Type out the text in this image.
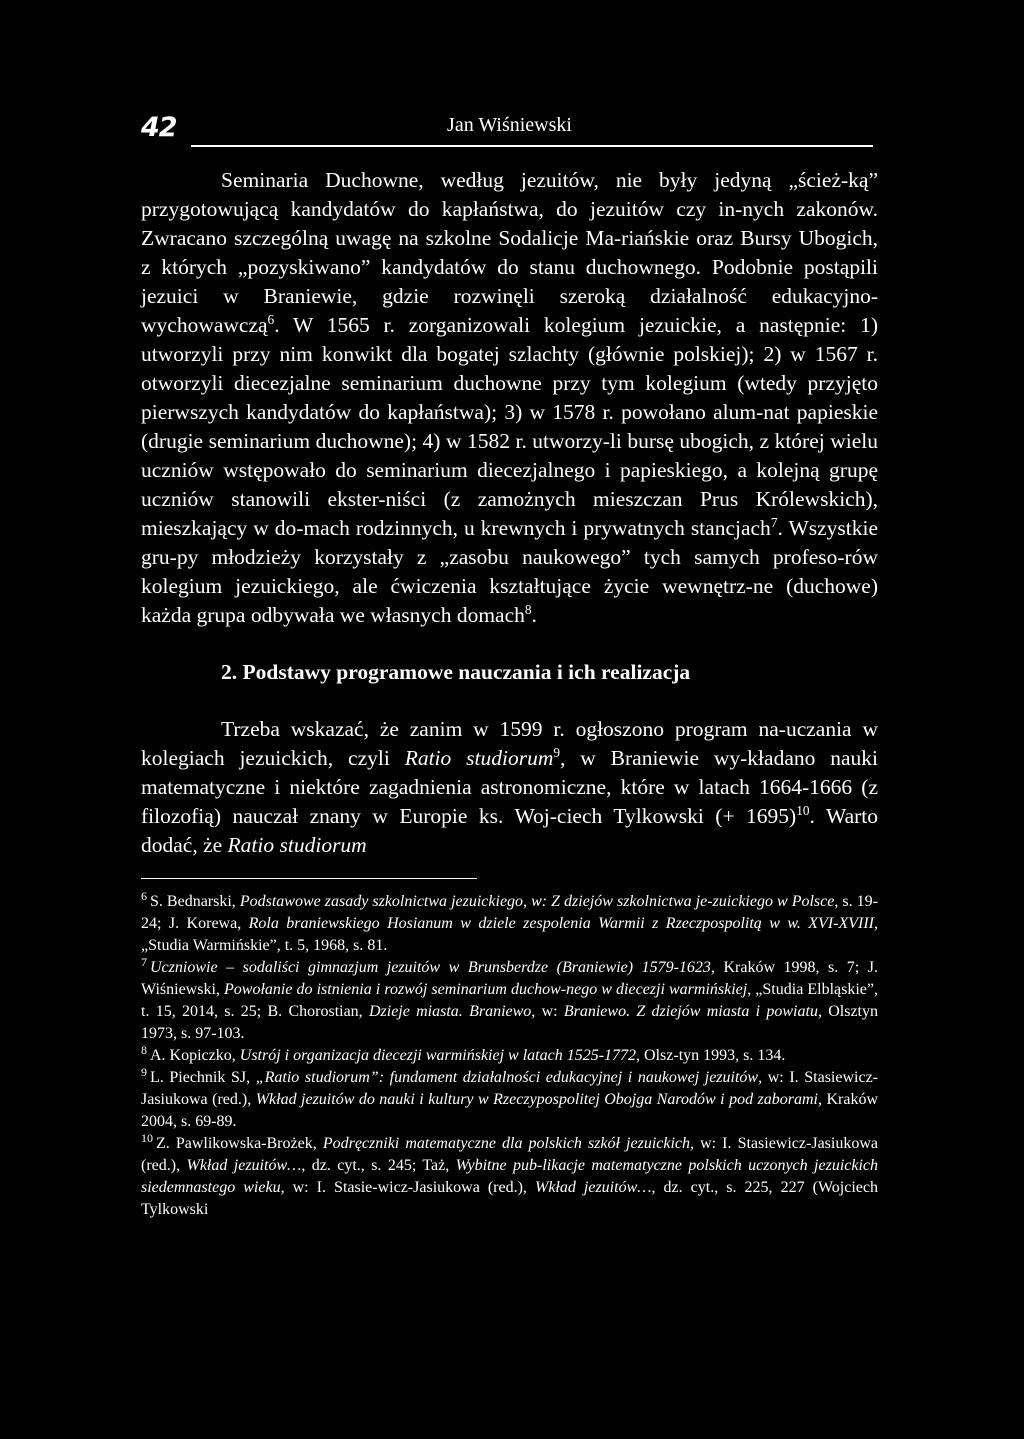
42	Jan Wiśniewski

Seminaria Duchowne, według jezuitów, nie były jedyną „ścież-ką” przygotowującą kandydatów do kapłaństwa, do jezuitów czy in-nych zakonów. Zwracano szczególną uwagę na szkolne Sodalicje Ma-riańskie oraz Bursy Ubogich, z których „pozyskiwano” kandydatów do stanu duchownego. Podobnie postąpili jezuici w Braniewie, gdzie rozwinęli szeroką działalność edukacyjno-wychowawczą$^6$. W 1565 r. zorganizowali kolegium jezuickie, a następnie: 1) utworzyli przy nim konwikt dla bogatej szlachty (głównie polskiej); 2) w 1567 r. otworzyli diecezjalne seminarium duchowne przy tym kolegium (wtedy przyjęto pierwszych kandydatów do kapłaństwa); 3) w 1578 r. powołano alum-nat papieskie (drugie seminarium duchowne); 4) w 1582 r. utworzy-li bursę ubogich, z której wielu uczniów wstępowało do seminarium diecezjalnego i papieskiego, a kolejną grupę uczniów stanowili ekster-niści (z zamożnych mieszczan Prus Królewskich), mieszkający w do-mach rodzinnych, u krewnych i prywatnych stancjach$^7$. Wszystkie gru-py młodzieży korzystały z „zasobu naukowego” tych samych profeso-rów kolegium jezuickiego, ale ćwiczenia kształtujące życie wewnętrz-ne (duchowe) każda grupa odbywała we własnych domach$^8$.

2. Podstawy programowe nauczania i ich realizacja

Trzeba wskazać, że zanim w 1599 r. ogłoszono program na-uczania w kolegiach jezuickich, czyli Ratio studiorum$^9$, w Braniewie wy-kładano nauki matematyczne i niektóre zagadnienia astronomiczne, które w latach 1664-1666 (z filozofią) nauczał znany w Europie ks. Woj-ciech Tylkowski (+ 1695)$^{10}$. Warto dodać, że Ratio studiorum

$^6$ S. Bednarski, Podstawowe zasady szkolnictwa jezuickiego, w: Z dziejów szkolnictwa je-zuickiego w Polsce, s. 19-24; J. Korewa, Rola braniewskiego Hosianum w dziele zespolenia Warmii z Rzeczpospolitą w w. XVI-XVIII, „Studia Warmińskie”, t. 5, 1968, s. 81.

$^7$ Uczniowie – sodaliści gimnazjum jezuitów w Brunsberdze (Braniewie) 1579-1623, Kraków 1998, s. 7; J. Wiśniewski, Powołanie do istnienia i rozwój seminarium duchow-nego w diecezji warmińskiej, „Studia Elbląskie”, t. 15, 2014, s. 25; B. Chorostian, Dzieje miasta. Braniewo, w: Braniewo. Z dziejów miasta i powiatu, Olsztyn 1973, s. 97-103.

$^8$ A. Kopiczko, Ustrój i organizacja diecezji warmińskiej w latach 1525-1772, Olsz-tyn 1993, s. 134.

$^9$ L. Piechnik SJ, „Ratio studiorum”: fundament działalności edukacyjnej i naukowej jezuitów, w: I. Stasiewicz-Jasiukowa (red.), Wkład jezuitów do nauki i kultury w Rzeczypospolitej Obojga Narodów i pod zaborami, Kraków 2004, s. 69-89.

$^{10}$ Z. Pawlikowska-Brożek, Podręczniki matematyczne dla polskich szkół jezuickich, w: I. Stasiewicz-Jasiukowa (red.), Wkład jezuitów…, dz. cyt., s. 245; Taż, Wybitne pub-likacje matematyczne polskich uczonych jezuickich siedemnastego wieku, w: I. Stasie-wicz-Jasiukowa (red.), Wkład jezuitów…, dz. cyt., s. 225, 227 (Wojciech Tylkowski
